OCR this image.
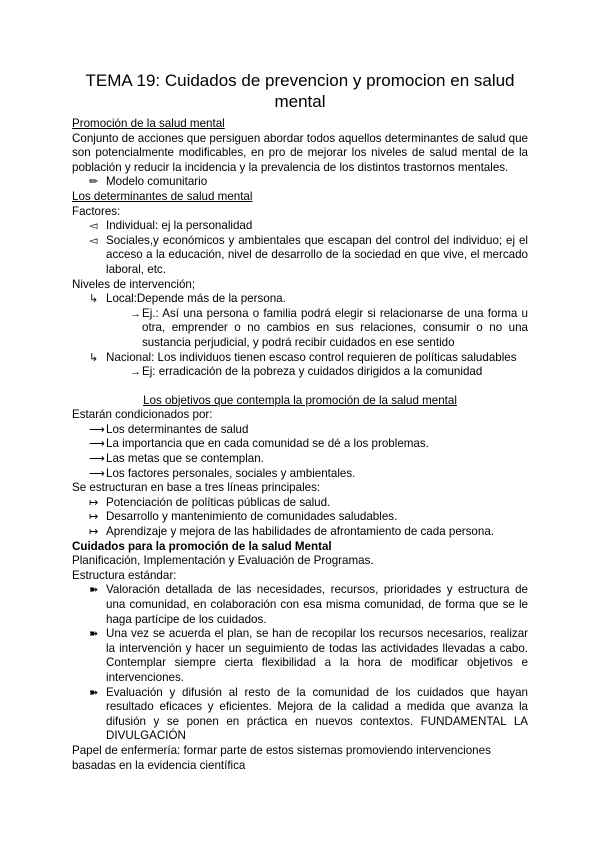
TEMA 19: Cuidados de prevencion y promocion en salud mental
Promoción de la salud mental
Conjunto de acciones que persiguen abordar todos aquellos determinantes de salud que son potencialmente modificables, en pro de mejorar los niveles de salud mental de la población y reducir la incidencia y la prevalencia de los distintos trastornos mentales.
✏ Modelo comunitario
Los determinantes de salud mental
Factores:
◅ Individual: ej la personalidad
◅ Sociales,y económicos y ambientales que escapan del control del individuo; ej el acceso a la educación, nivel de desarrollo de la sociedad en que vive, el mercado laboral, etc.
Niveles de intervención;
↳ Local:Depende más de la persona.
→ Ej.: Así una persona o familia podrá elegir si relacionarse de una forma u otra, emprender o no cambios en sus relaciones, consumir o no una sustancia perjudicial, y podrá recibir cuidados en ese sentido
↳ Nacional: Los individuos tienen escaso control requieren de políticas saludables
→ Ej: erradicación de la pobreza y cuidados dirigidos a la comunidad
Los objetivos que contempla la promoción de la salud mental
Estarán condicionados por:
⟶ Los determinantes de salud
⟶ La importancia que en cada comunidad se dé a los problemas.
⟶ Las metas que se contemplan.
⟶ Los factores personales, sociales y ambientales.
Se estructuran en base a tres líneas principales:
↦ Potenciación de políticas públicas de salud.
↦ Desarrollo y mantenimiento de comunidades saludables.
↦ Aprendizaje y mejora de las habilidades de afrontamiento de cada persona.
Cuidados para la promoción de la salud Mental
Planificación, Implementación y Evaluación de Programas.
Estructura estándar:
➽ Valoración detallada de las necesidades, recursos, prioridades y estructura de una comunidad, en colaboración con esa misma comunidad, de forma que se le haga partícipe de los cuidados.
➽ Una vez se acuerda el plan, se han de recopilar los recursos necesarios, realizar la intervención y hacer un seguimiento de todas las actividades llevadas a cabo. Contemplar siempre cierta flexibilidad a la hora de modificar objetivos e intervenciones.
➽ Evaluación y difusión al resto de la comunidad de los cuidados que hayan resultado eficaces y eficientes. Mejora de la calidad a medida que avanza la difusión y se ponen en práctica en nuevos contextos. FUNDAMENTAL LA DIVULGACIÓN
Papel de enfermería: formar parte de estos sistemas promoviendo intervenciones basadas en la evidencia científica
